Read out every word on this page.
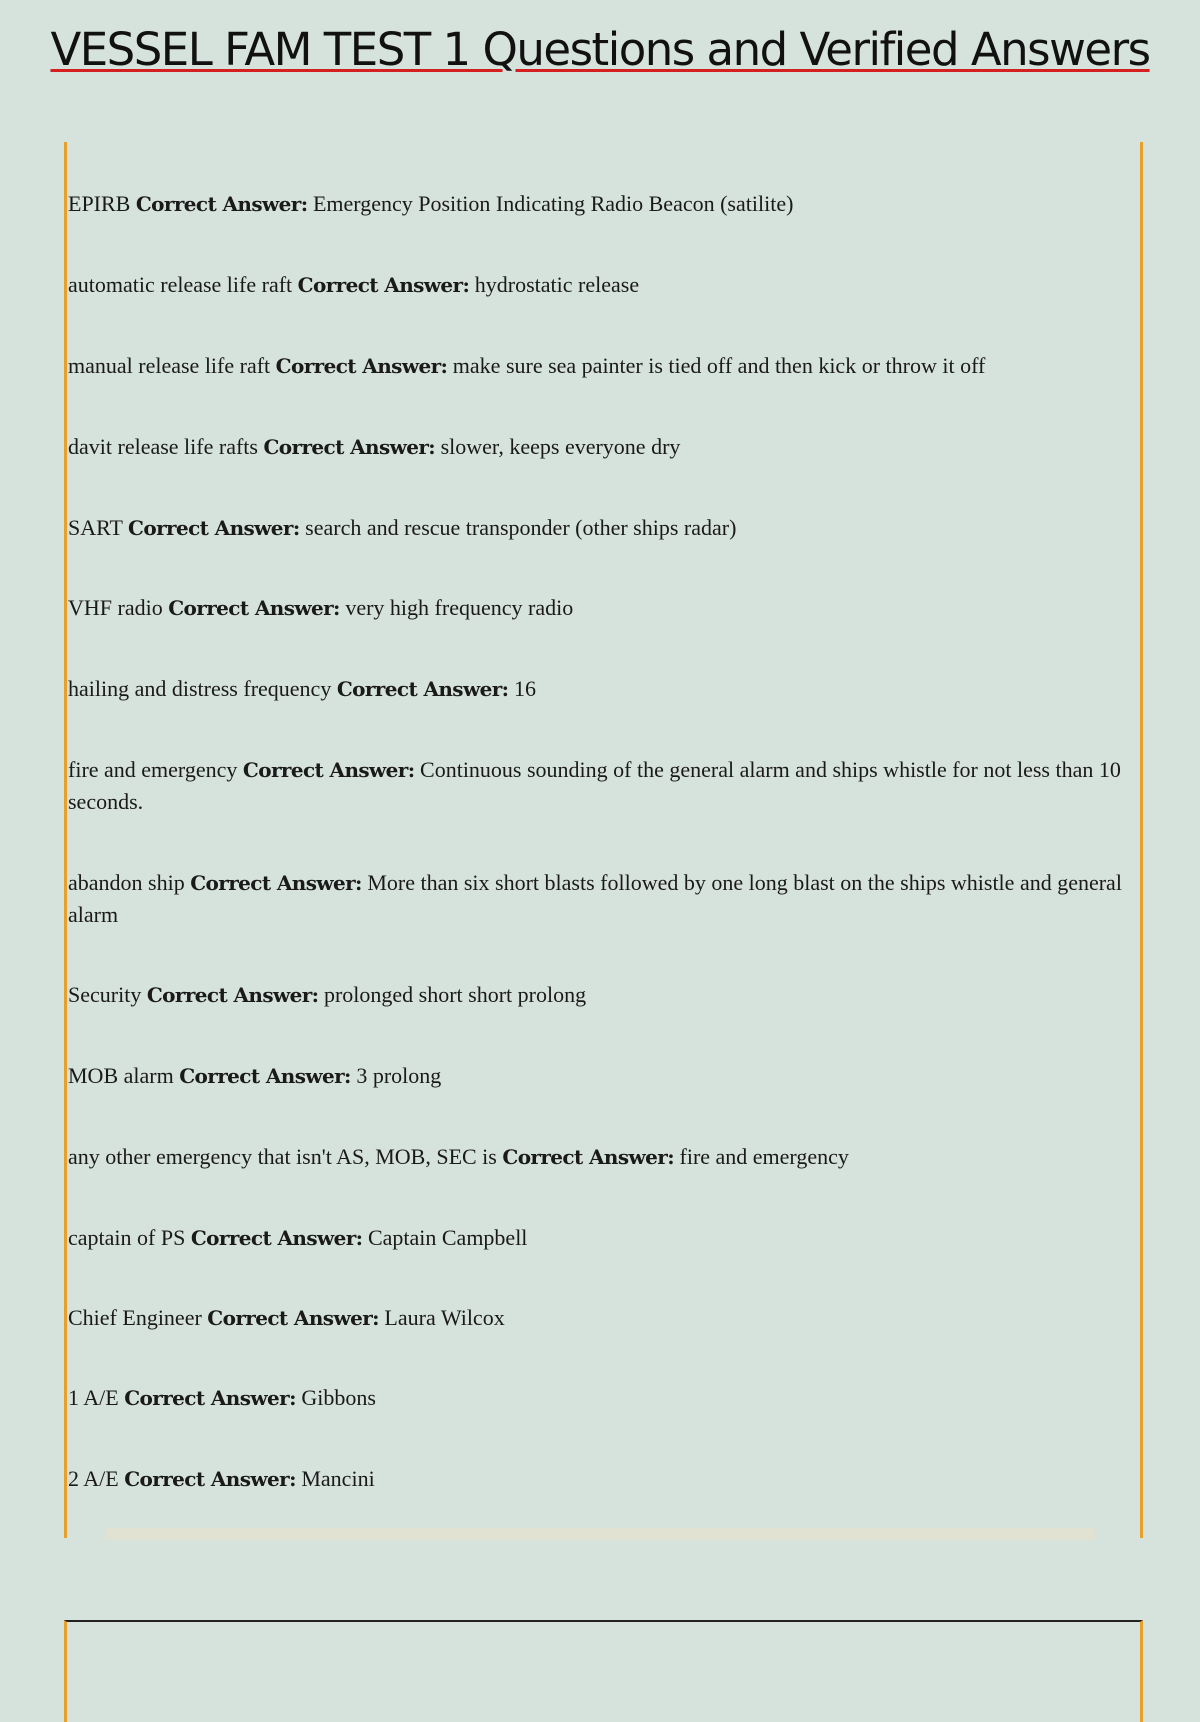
VESSEL FAM TEST 1 Questions and Verified Answers
EPIRB Correct Answer: Emergency Position Indicating Radio Beacon (satilite)
automatic release life raft Correct Answer: hydrostatic release
manual release life raft Correct Answer: make sure sea painter is tied off and then kick or throw it off
davit release life rafts Correct Answer: slower, keeps everyone dry
SART Correct Answer: search and rescue transponder (other ships radar)
VHF radio Correct Answer: very high frequency radio
hailing and distress frequency Correct Answer: 16
fire and emergency Correct Answer: Continuous sounding of the general alarm and ships whistle for not less than 10 seconds.
abandon ship Correct Answer: More than six short blasts followed by one long blast on the ships whistle and general alarm
Security Correct Answer: prolonged short short prolong
MOB alarm Correct Answer: 3 prolong
any other emergency that isn't AS, MOB, SEC is Correct Answer: fire and emergency
captain of PS Correct Answer: Captain Campbell
Chief Engineer Correct Answer: Laura Wilcox
1 A/E Correct Answer: Gibbons
2 A/E Correct Answer: Mancini
